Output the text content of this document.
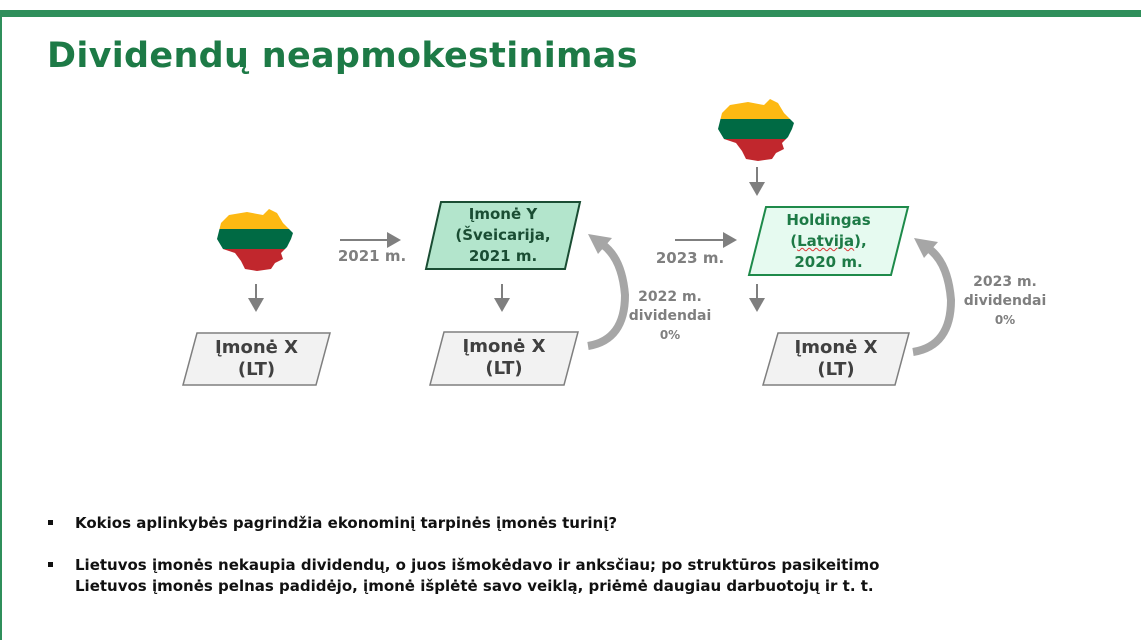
Dividendų neapmokestinimas
Įmonė X
(LT)
Įmonė X
(LT)
Įmonė X
(LT)
Įmonė Y
(Šveicarija,
2021 m.
Holdingas
(Latvija),
2020 m.
2021 m.	2023 m.
2022 m.
dividendai
0%
2023 m.
dividendai
0%
Kokios aplinkybės pagrindžia ekonominį tarpinės įmonės turinį?
Lietuvos įmonės nekaupia dividendų, o juos išmokėdavo ir anksčiau; po struktūros pasikeitimo
Lietuvos įmonės pelnas padidėjo, įmonė išplėtė savo veiklą, priėmė daugiau darbuotojų ir t. t.
